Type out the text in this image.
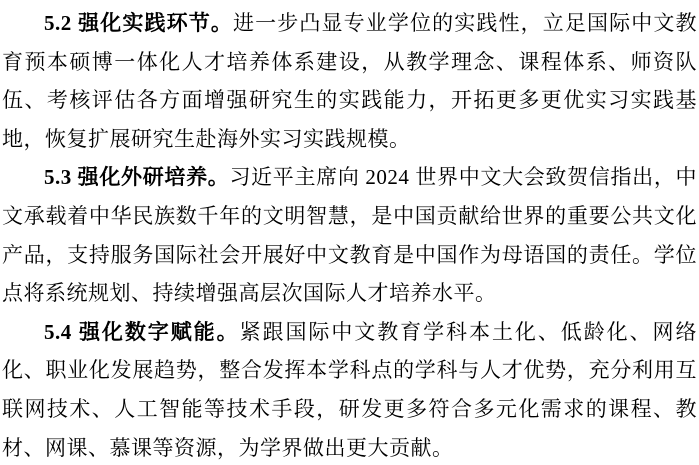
5.2 强化实践环节。进一步凸显专业学位的实践性，立足国际中文教育预本硕博一体化人才培养体系建设，从教学理念、课程体系、师资队伍、考核评估各方面增强研究生的实践能力，开拓更多更优实习实践基地，恢复扩展研究生赴海外实习实践规模。

5.3 强化外研培养。习近平主席向 2024 世界中文大会致贺信指出，中文承载着中华民族数千年的文明智慧，是中国贡献给世界的重要公共文化产品，支持服务国际社会开展好中文教育是中国作为母语国的责任。学位点将系统规划、持续增强高层次国际人才培养水平。

5.4 强化数字赋能。紧跟国际中文教育学科本土化、低龄化、网络化、职业化发展趋势，整合发挥本学科点的学科与人才优势，充分利用互联网技术、人工智能等技术手段，研发更多符合多元化需求的课程、教材、网课、慕课等资源，为学界做出更大贡献。
